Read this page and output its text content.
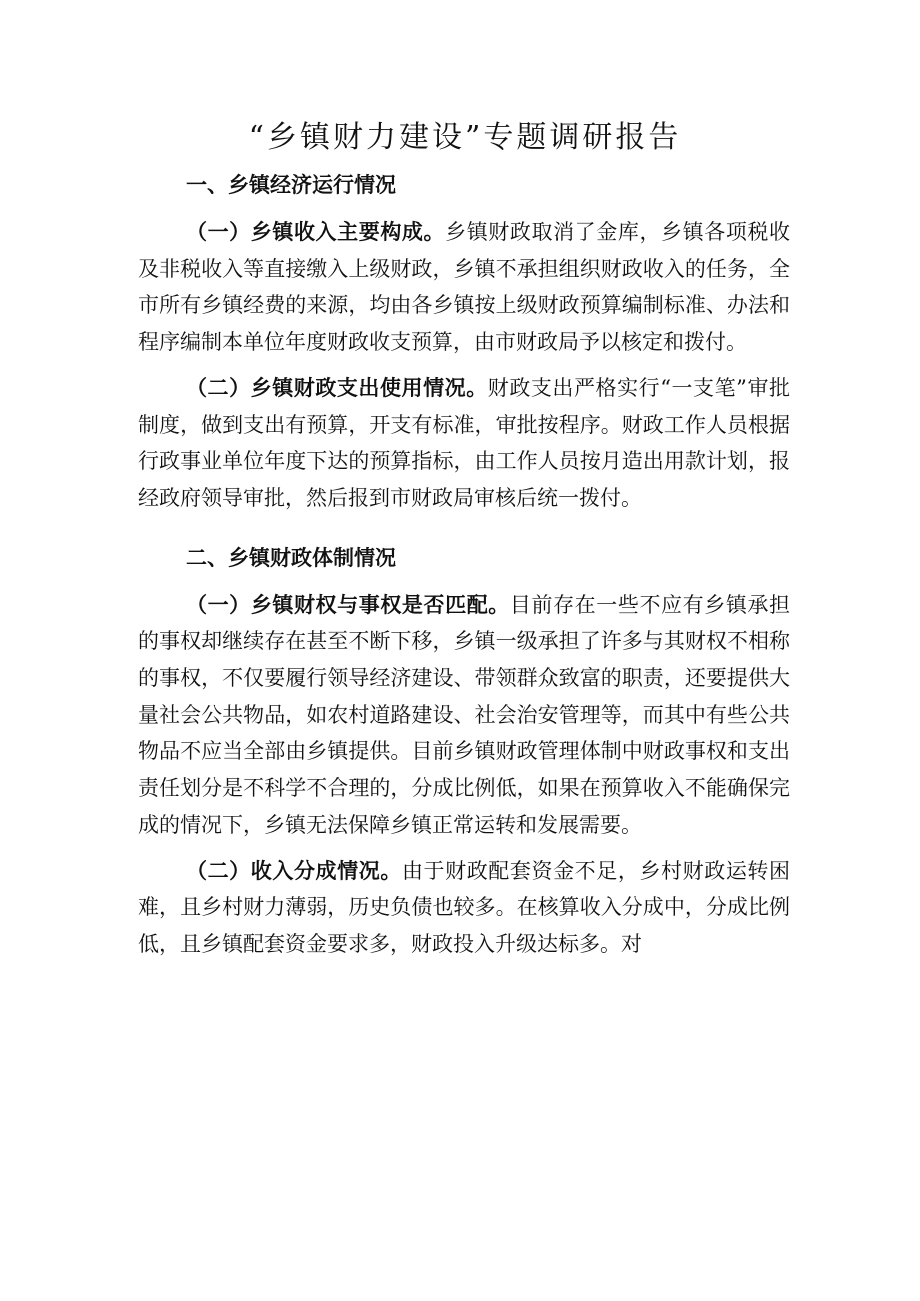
“乡镇财力建设”专题调研报告
一、乡镇经济运行情况

（一）乡镇收入主要构成。乡镇财政取消了金库，乡镇各项税收及非税收入等直接缴入上级财政，乡镇不承担组织财政收入的任务，全市所有乡镇经费的来源，均由各乡镇按上级财政预算编制标准、办法和程序编制本单位年度财政收支预算，由市财政局予以核定和拨付。

（二）乡镇财政支出使用情况。财政支出严格实行“一支笔”审批制度，做到支出有预算，开支有标准，审批按程序。财政工作人员根据行政事业单位年度下达的预算指标，由工作人员按月造出用款计划，报经政府领导审批，然后报到市财政局审核后统一拨付。

二、乡镇财政体制情况

（一）乡镇财权与事权是否匹配。目前存在一些不应有乡镇承担的事权却继续存在甚至不断下移，乡镇一级承担了许多与其财权不相称的事权，不仅要履行领导经济建设、带领群众致富的职责，还要提供大量社会公共物品，如农村道路建设、社会治安管理等，而其中有些公共物品不应当全部由乡镇提供。目前乡镇财政管理体制中财政事权和支出责任划分是不科学不合理的，分成比例低，如果在预算收入不能确保完成的情况下，乡镇无法保障乡镇正常运转和发展需要。

（二）收入分成情况。由于财政配套资金不足，乡村财政运转困难，且乡村财力薄弱，历史负债也较多。在核算收入分成中，分成比例低，且乡镇配套资金要求多，财政投入升级达标多。对
